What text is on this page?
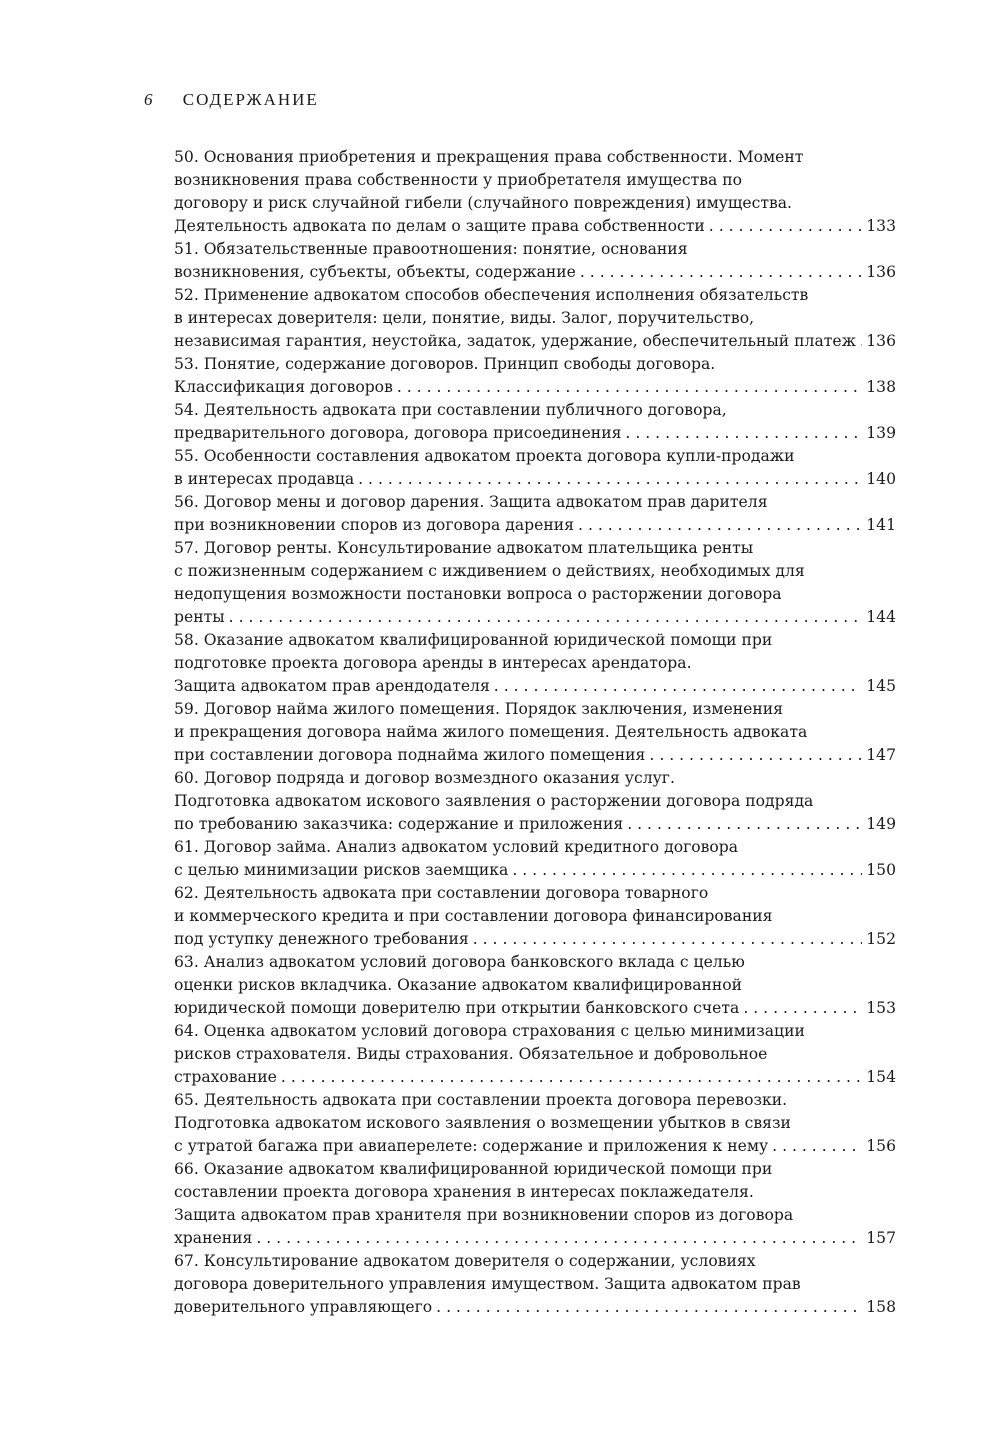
6 СОДЕРЖАНИЕ
50. Основания приобретения и прекращения права собственности. Момент
возникновения права собственности у приобретателя имущества по
договору и риск случайной гибели (случайного повреждения) имущества.
Деятельность адвоката по делам о защите права собственности . . .	133
51. Обязательственные правоотношения: понятие, основания
возникновения, субъекты, объекты, содержание . . .	136
52. Применение адвокатом способов обеспечения исполнения обязательств
в интересах доверителя: цели, понятие, виды. Залог, поручительство,
независимая гарантия, неустойка, задаток, удержание, обеспечительный платеж . . . 136
53. Понятие, содержание договоров. Принцип свободы договора.
Классификация договоров . . .	138
54. Деятельность адвоката при составлении публичного договора,
предварительного договора, договора присоединения . . .	139
55. Особенности составления адвокатом проекта договора купли-продажи
в интересах продавца . . .	140
56. Договор мены и договор дарения. Защита адвокатом прав дарителя
при возникновении споров из договора дарения . . .	141
57. Договор ренты. Консультирование адвокатом плательщика ренты
с пожизненным содержанием с иждивением о действиях, необходимых для
недопущения возможности постановки вопроса о расторжении договора
ренты . . .	144
58. Оказание адвокатом квалифицированной юридической помощи при
подготовке проекта договора аренды в интересах арендатора.
Защита адвокатом прав арендодателя . . .	145
59. Договор найма жилого помещения. Порядок заключения, изменения
и прекращения договора найма жилого помещения. Деятельность адвоката
при составлении договора поднайма жилого помещения . . .	147
60. Договор подряда и договор возмездного оказания услуг.
Подготовка адвокатом искового заявления о расторжении договора подряда
по требованию заказчика: содержание и приложения . . .	149
61. Договор займа. Анализ адвокатом условий кредитного договора
с целью минимизации рисков заемщика . . .	150
62. Деятельность адвоката при составлении договора товарного
и коммерческого кредита и при составлении договора финансирования
под уступку денежного требования . . .	152
63. Анализ адвокатом условий договора банковского вклада с целью
оценки рисков вкладчика. Оказание адвокатом квалифицированной
юридической помощи доверителю при открытии банковского счета . . .	153
64. Оценка адвокатом условий договора страхования с целью минимизации
рисков страхователя. Виды страхования. Обязательное и добровольное
страхование . . .	154
65. Деятельность адвоката при составлении проекта договора перевозки.
Подготовка адвокатом искового заявления о возмещении убытков в связи
с утратой багажа при авиаперелете: содержание и приложения к нему . . .	156
66. Оказание адвокатом квалифицированной юридической помощи при
составлении проекта договора хранения в интересах поклажедателя.
Защита адвокатом прав хранителя при возникновении споров из договора
хранения . . .	157
67. Консультирование адвокатом доверителя о содержании, условиях
договора доверительного управления имуществом. Защита адвокатом прав
доверительного управляющего . . .	158
